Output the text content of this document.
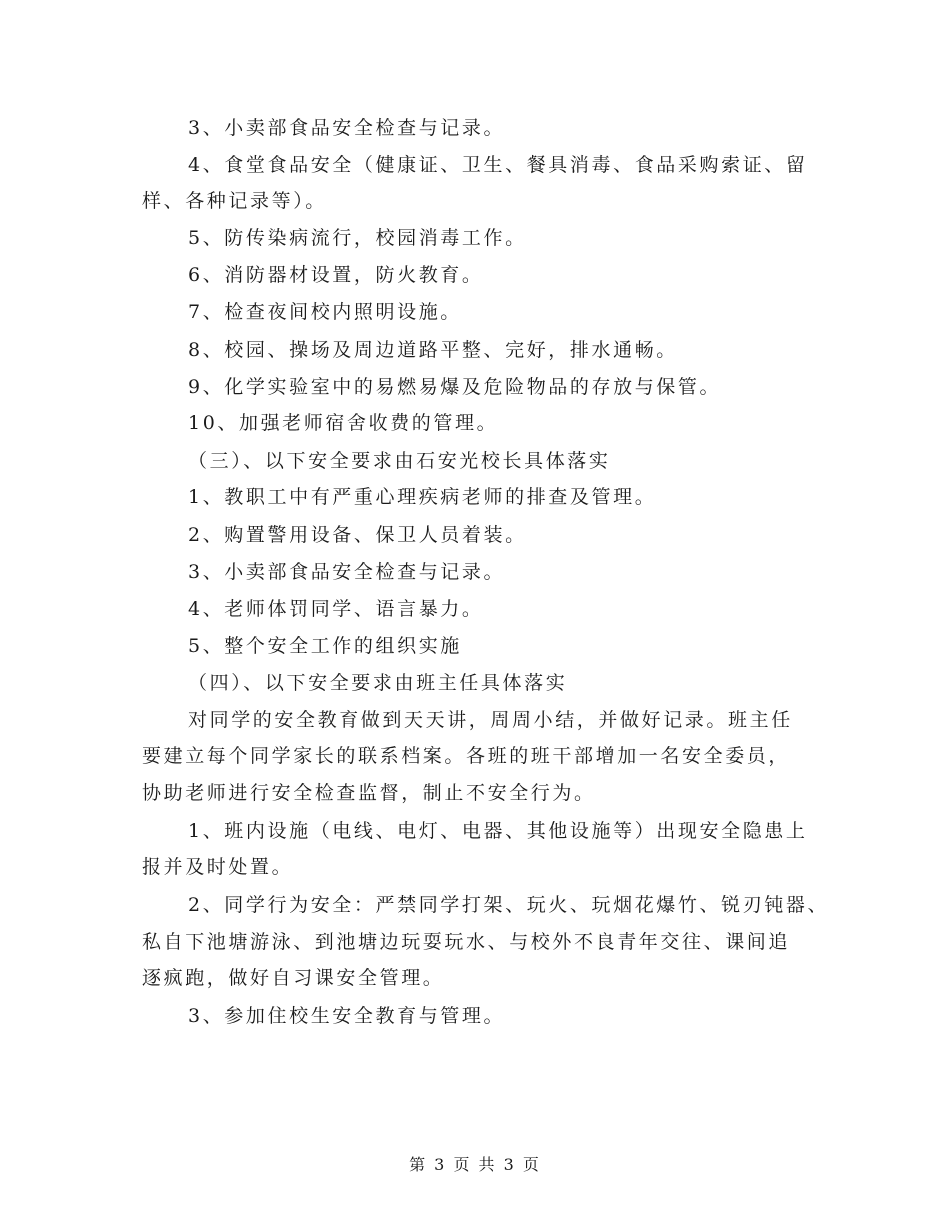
3、小卖部食品安全检查与记录。
4、食堂食品安全（健康证、卫生、餐具消毒、食品采购索证、留
样、各种记录等）。
5、防传染病流行，校园消毒工作。
6、消防器材设置，防火教育。
7、检查夜间校内照明设施。
8、校园、操场及周边道路平整、完好，排水通畅。
9、化学实验室中的易燃易爆及危险物品的存放与保管。
10、加强老师宿舍收费的管理。
（三）、以下安全要求由石安光校长具体落实
1、教职工中有严重心理疾病老师的排查及管理。
2、购置警用设备、保卫人员着装。
3、小卖部食品安全检查与记录。
4、老师体罚同学、语言暴力。
5、整个安全工作的组织实施
（四）、以下安全要求由班主任具体落实
对同学的安全教育做到天天讲，周周小结，并做好记录。班主任
要建立每个同学家长的联系档案。各班的班干部增加一名安全委员，
协助老师进行安全检查监督，制止不安全行为。
1、班内设施（电线、电灯、电器、其他设施等）出现安全隐患上
报并及时处置。
2、同学行为安全：严禁同学打架、玩火、玩烟花爆竹、锐刃钝器、
私自下池塘游泳、到池塘边玩耍玩水、与校外不良青年交往、课间追
逐疯跑，做好自习课安全管理。
3、参加住校生安全教育与管理。
第 3 页 共 3 页
